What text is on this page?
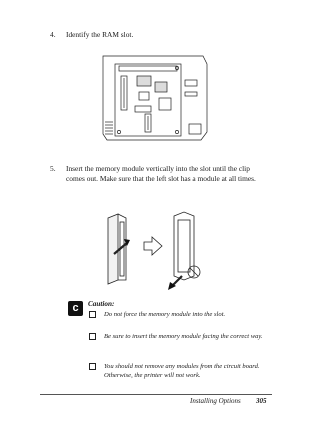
4.	Identify the RAM slot.
5.	Insert the memory module vertically into the slot until the clip comes out. Make sure that the left slot has a module at all times.
c	Caution:
Do not force the memory module into the slot.
Be sure to insert the memory module facing the correct way.
You should not remove any modules from the circuit board. Otherwise, the printer will not work.
Installing Options 305
